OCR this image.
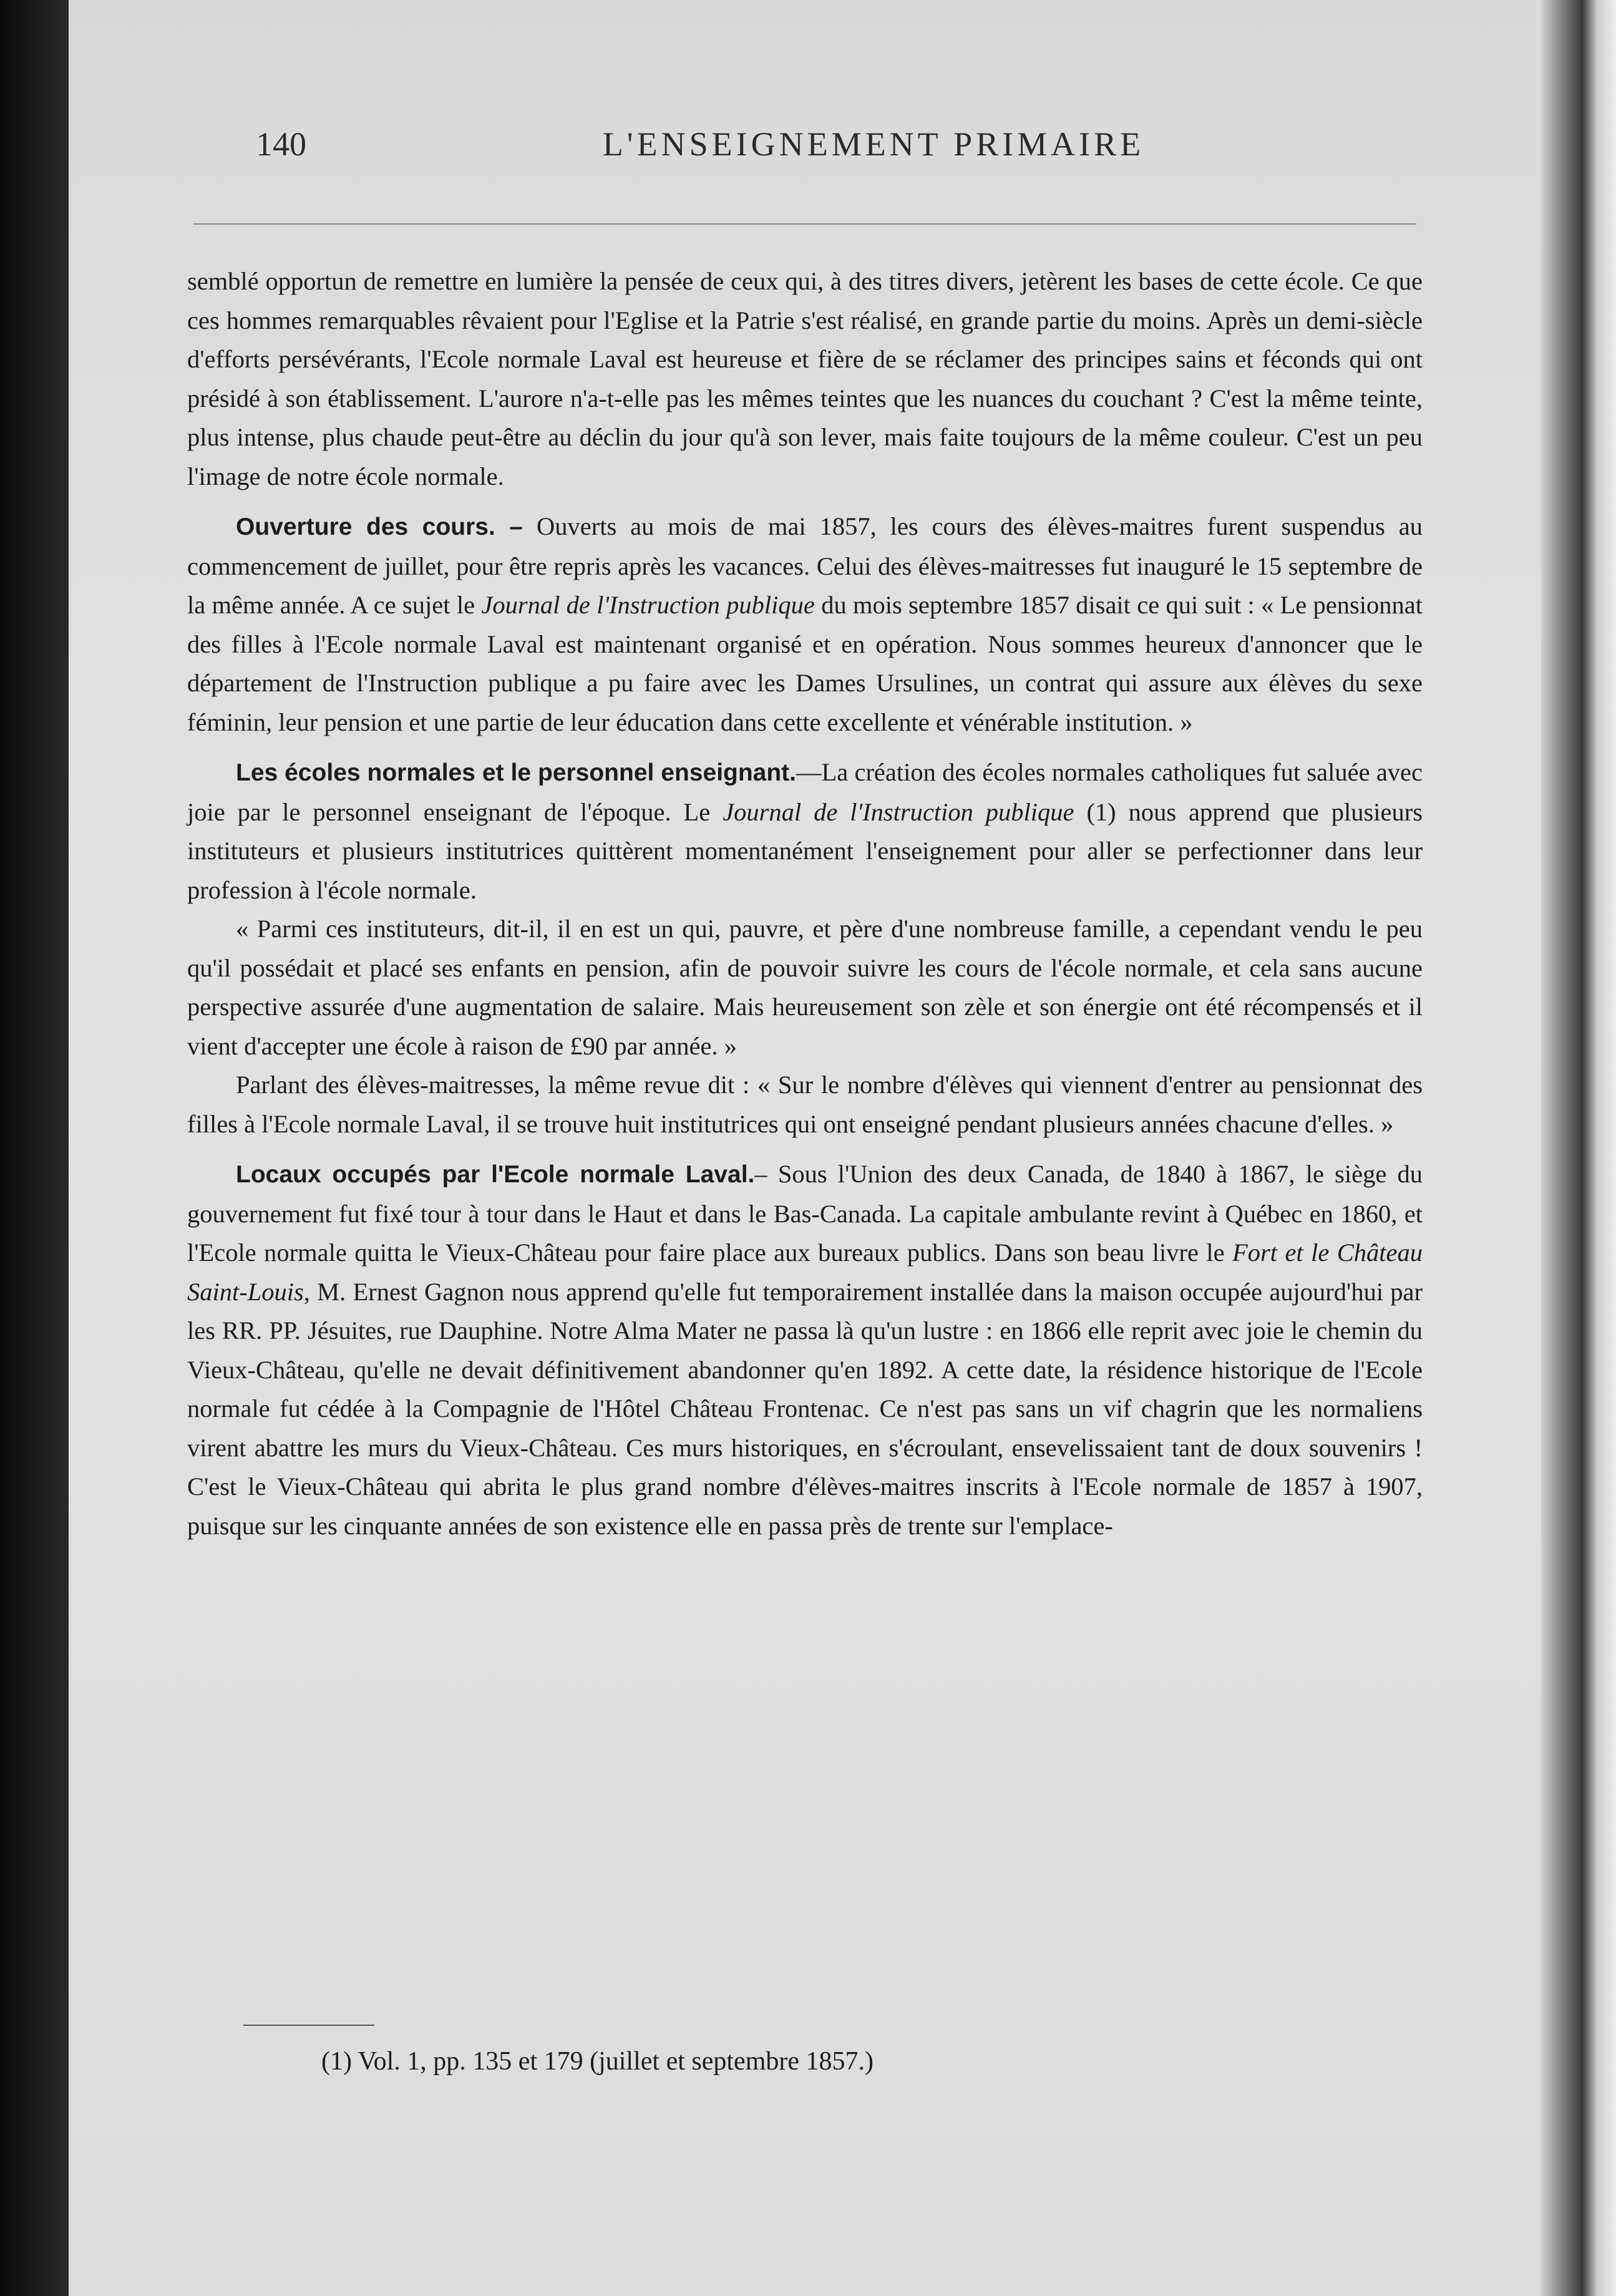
140	L'ENSEIGNEMENT PRIMAIRE

semblé opportun de remettre en lumière la pensée de ceux qui, à des titres divers, jetèrent les bases de cette école. Ce que ces hommes remarquables rêvaient pour l'Eglise et la Patrie s'est réalisé, en grande partie du moins. Après un demi-siècle d'efforts persévérants, l'Ecole normale Laval est heureuse et fière de se réclamer des principes sains et féconds qui ont présidé à son établissement. L'aurore n'a-t-elle pas les mêmes teintes que les nuances du couchant ? C'est la même teinte, plus intense, plus chaude peut-être au déclin du jour qu'à son lever, mais faite toujours de la même couleur. C'est un peu l'image de notre école normale.

Ouverture des cours. – Ouverts au mois de mai 1857, les cours des élèves-maitres furent suspendus au commencement de juillet, pour être repris après les vacances. Celui des élèves-maitresses fut inauguré le 15 septembre de la même année. A ce sujet le Journal de l'Instruction publique du mois septembre 1857 disait ce qui suit : « Le pensionnat des filles à l'Ecole normale Laval est maintenant organisé et en opération. Nous sommes heureux d'annoncer que le département de l'Instruction publique a pu faire avec les Dames Ursulines, un contrat qui assure aux élèves du sexe féminin, leur pension et une partie de leur éducation dans cette excellente et vénérable institution. »

Les écoles normales et le personnel enseignant.—La création des écoles normales catholiques fut saluée avec joie par le personnel enseignant de l'époque. Le Journal de l'Instruction publique (1) nous apprend que plusieurs instituteurs et plusieurs institutrices quittèrent momentanément l'enseignement pour aller se perfectionner dans leur profession à l'école normale.

« Parmi ces instituteurs, dit-il, il en est un qui, pauvre, et père d'une nombreuse famille, a cependant vendu le peu qu'il possédait et placé ses enfants en pension, afin de pouvoir suivre les cours de l'école normale, et cela sans aucune perspective assurée d'une augmentation de salaire. Mais heureusement son zèle et son énergie ont été récompensés et il vient d'accepter une école à raison de £90 par année. »

Parlant des élèves-maitresses, la même revue dit : « Sur le nombre d'élèves qui viennent d'entrer au pensionnat des filles à l'Ecole normale Laval, il se trouve huit institutrices qui ont enseigné pendant plusieurs années chacune d'elles. »

Locaux occupés par l'Ecole normale Laval.– Sous l'Union des deux Canada, de 1840 à 1867, le siège du gouvernement fut fixé tour à tour dans le Haut et dans le Bas-Canada. La capitale ambulante revint à Québec en 1860, et l'Ecole normale quitta le Vieux-Château pour faire place aux bureaux publics. Dans son beau livre le Fort et le Château Saint-Louis, M. Ernest Gagnon nous apprend qu'elle fut temporairement installée dans la maison occupée aujourd'hui par les RR. PP. Jésuites, rue Dauphine. Notre Alma Mater ne passa là qu'un lustre : en 1866 elle reprit avec joie le chemin du Vieux-Château, qu'elle ne devait définitivement abandonner qu'en 1892. A cette date, la résidence historique de l'Ecole normale fut cédée à la Compagnie de l'Hôtel Château Frontenac. Ce n'est pas sans un vif chagrin que les normaliens virent abattre les murs du Vieux-Château. Ces murs historiques, en s'écroulant, ensevelissaient tant de doux souvenirs ! C'est le Vieux-Château qui abrita le plus grand nombre d'élèves-maitres inscrits à l'Ecole normale de 1857 à 1907, puisque sur les cinquante années de son existence elle en passa près de trente sur l'emplace-

(1) Vol. 1, pp. 135 et 179 (juillet et septembre 1857.)
